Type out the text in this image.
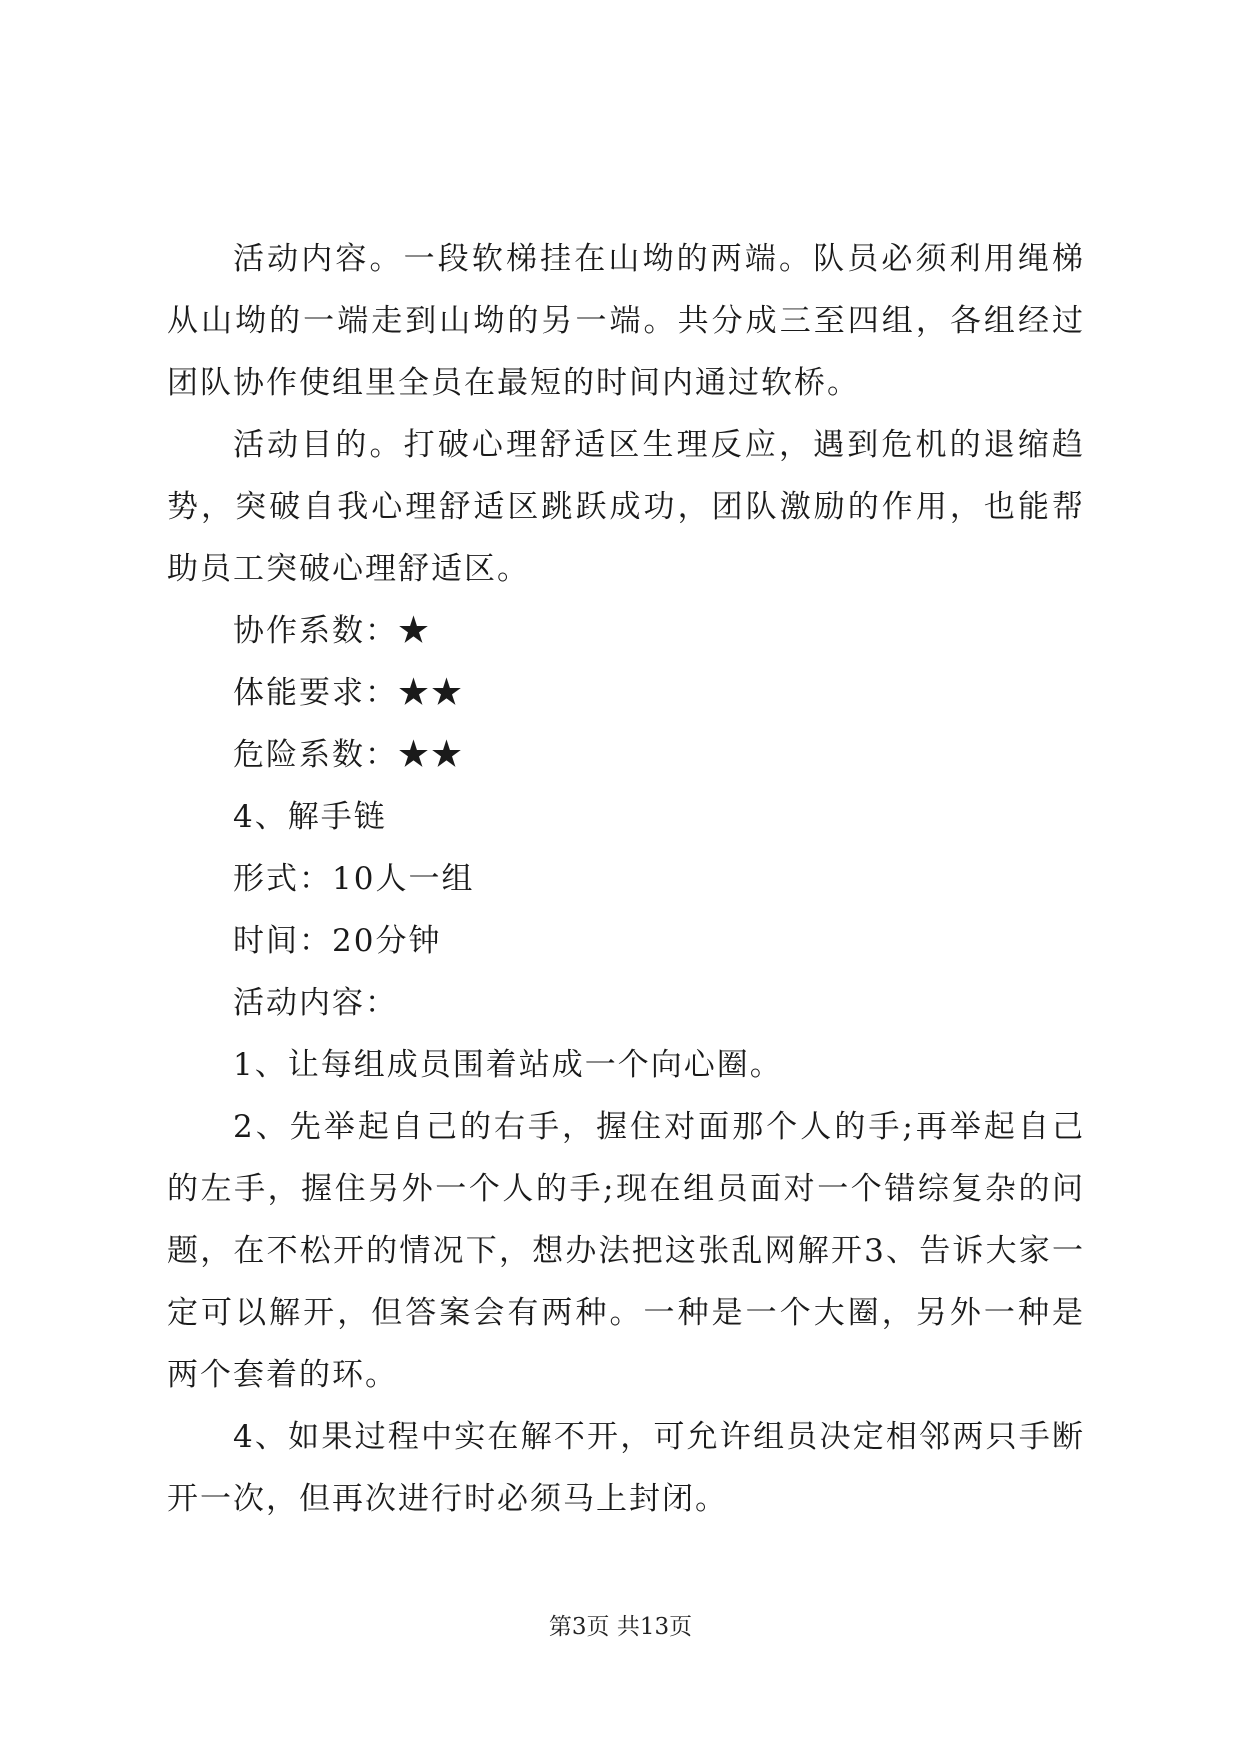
活动内容。一段软梯挂在山坳的两端。队员必须利用绳梯从山坳的一端走到山坳的另一端。共分成三至四组，各组经过团队协作使组里全员在最短的时间内通过软桥。

活动目的。打破心理舒适区生理反应，遇到危机的退缩趋势，突破自我心理舒适区跳跃成功，团队激励的作用，也能帮助员工突破心理舒适区。

协作系数：★

体能要求：★★

危险系数：★★

4、解手链

形式：10人一组

时间：20分钟

活动内容：

1、让每组成员围着站成一个向心圈。

2、先举起自己的右手，握住对面那个人的手;再举起自己的左手，握住另外一个人的手;现在组员面对一个错综复杂的问题，在不松开的情况下，想办法把这张乱网解开3、告诉大家一定可以解开，但答案会有两种。一种是一个大圈，另外一种是两个套着的环。

4、如果过程中实在解不开，可允许组员决定相邻两只手断开一次，但再次进行时必须马上封闭。

第3页 共13页
